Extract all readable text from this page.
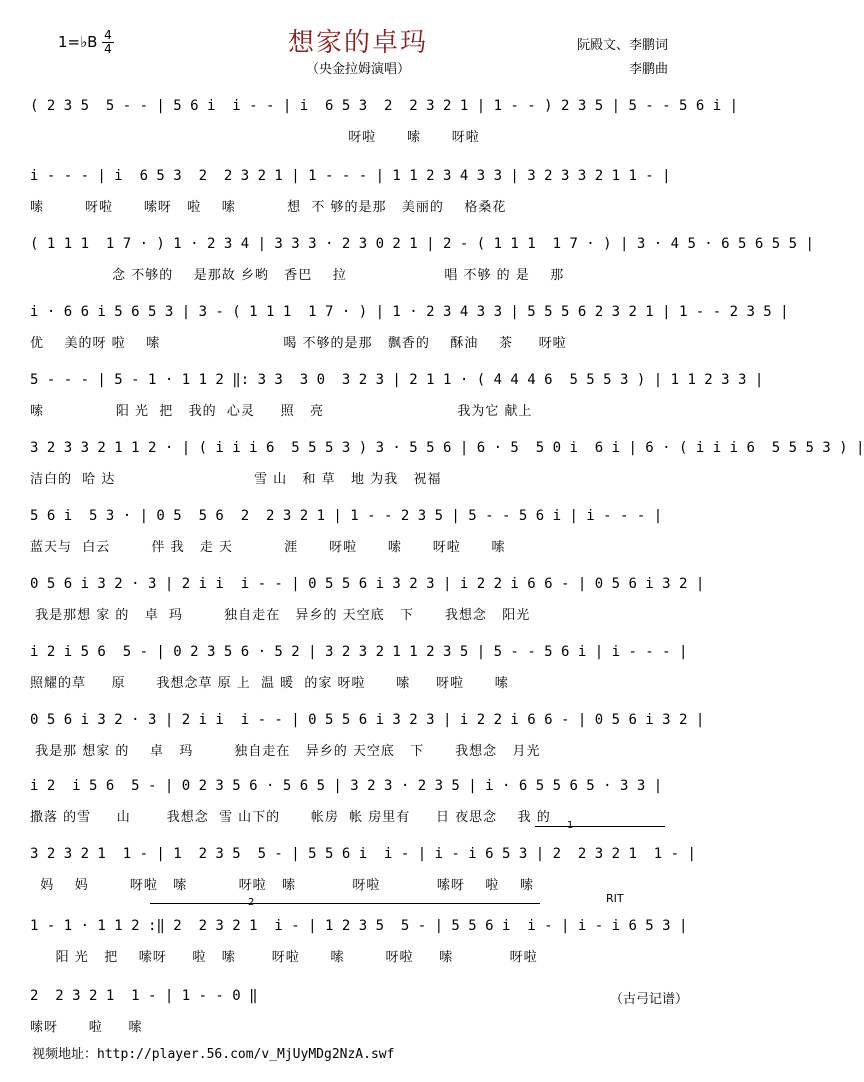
1=♭B 4
4	想家的卓玛
（央金拉姆演唱）
阮殿文、李鹏词
李鹏曲
( 2 3 5  5 - - | 5 6 i  i - - | i  6 5 3  2  2 3 2 1 | 1 - - ) 2 3 5 | 5 - - 5 6 i |
呀啦      嗦      呀啦
i - - - | i  6 5 3  2  2 3 2 1 | 1 - - - | 1 1 2 3 4 3 3 | 3 2 3 3 2 1 1 - |
嗦        呀啦      嗦呀   啦    嗦          想  不 够的是那   美丽的    格桑花
( 1 1 1  1 7 · ) 1 · 2 3 4 | 3 3 3 · 2 3 0 2 1 | 2 - ( 1 1 1  1 7 · ) | 3 · 4 5 · 6 5 6 5 5 |
念 不够的    是那故 乡哟   香巴    拉                   唱 不够 的 是    那
i · 6 6 i 5 6 5 3 | 3 - ( 1 1 1  1 7 · ) | 1 · 2 3 4 3 3 | 5 5 5 6 2 3 2 1 | 1 - - 2 3 5 |
优    美的呀 啦    嗦                        喝 不够的是那   飘香的    酥油    茶     呀啦
5 - - - | 5 - 1 · 1 1 2 ‖: 3 3  3 0  3 2 3 | 2 1 1 · ( 4 4 4 6  5 5 5 3 ) | 1 1 2 3 3 |
嗦              阳 光  把   我的  心灵     照   亮                          我为它 献上
3 2 3 3 2 1 1 2 · | ( i i i 6  5 5 5 3 ) 3 · 5 5 6 | 6 · 5  5 0 i  6 i | 6 · ( i i i 6  5 5 5 3 ) |
洁白的  哈 达                           雪 山   和 草   地 为我   祝福
5 6 i  5 3 · | 0 5  5 6  2  2 3 2 1 | 1 - - 2 3 5 | 5 - - 5 6 i | i - - - |
蓝天与  白云        伴 我   走 天          涯      呀啦      嗦      呀啦      嗦
0 5 6 i 3 2 · 3 | 2 i i  i - - | 0 5 5 6 i 3 2 3 | i 2 2 i 6 6 - | 0 5 6 i 3 2 |
我是那想 家 的   卓  玛        独自走在   异乡的 天空底   下      我想念   阳光
i 2 i 5 6  5 - | 0 2 3 5 6 · 5 2 | 3 2 3 2 1 1 2 3 5 | 5 - - 5 6 i | i - - - |
照耀的草     原      我想念草 原 上  温 暖  的家 呀啦      嗦     呀啦      嗦
0 5 6 i 3 2 · 3 | 2 i i  i - - | 0 5 5 6 i 3 2 3 | i 2 2 i 6 6 - | 0 5 6 i 3 2 |
我是那 想家 的    卓   玛        独自走在   异乡的 天空底   下      我想念   月光
i 2  i 5 6  5 - | 0 2 3 5 6 · 5 6 5 | 3 2 3 · 2 3 5 | i · 6 5 5 6 5 · 3 3 |
撒落 的雪     山       我想念  雪 山下的      帐房  帐 房里有     日 夜思念    我 的
3 2 3 2 1  1 - | 1  2 3 5  5 - | 5 5 6 i  i - | i - i 6 5 3 | 2  2 3 2 1  1 - |
妈    妈        呀啦   嗦          呀啦   嗦           呀啦           嗦呀    啦    嗦
1 - 1 · 1 1 2 :‖ 2  2 3 2 1  i - | 1 2 3 5  5 - | 5 5 6 i  i - | i - i 6 5 3 |
阳 光   把    嗦呀     啦   嗦       呀啦      嗦        呀啦     嗦           呀啦
2  2 3 2 1  1 - | 1 - - 0 ‖
嗦呀      啦     嗦
RIT
（古弓记谱）
视频地址：http://player.56.com/v_MjUyMDg2NzA.swf
